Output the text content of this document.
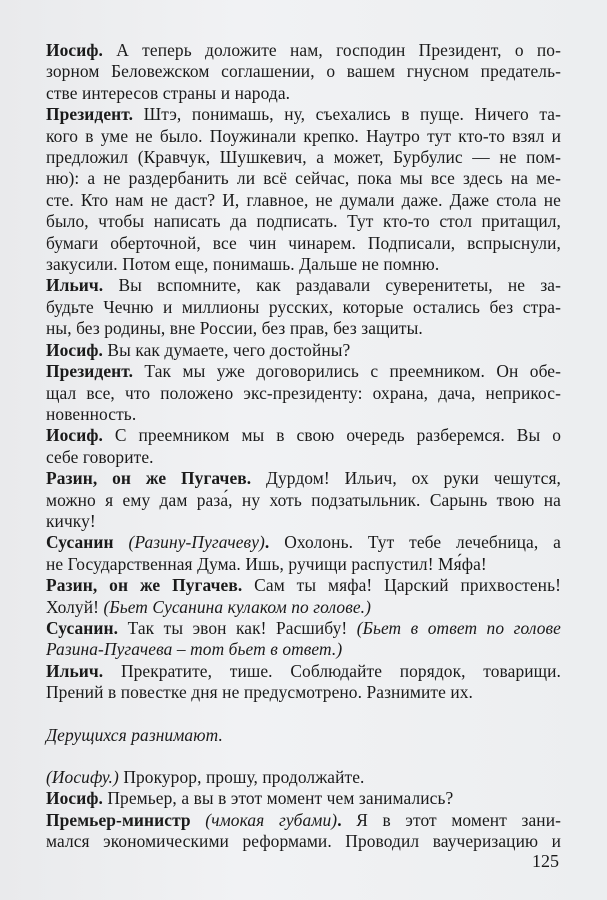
Иосиф. А теперь доложите нам, господин Президент, о по-
зорном Беловежском соглашении, о вашем гнусном предатель-
стве интересов страны и народа.
Президент. Штэ, понимашь, ну, съехались в пуще. Ничего та-
кого в уме не было. Поужинали крепко. Наутро тут кто-то взял и
предложил (Кравчук, Шушкевич, а может, Бурбулис — не пом-
ню): а не раздербанить ли всё сейчас, пока мы все здесь на ме-
сте. Кто нам не даст? И, главное, не думали даже. Даже стола не
было, чтобы написать да подписать. Тут кто-то стол притащил,
бумаги оберточной, все чин чинарем. Подписали, вспрыснули,
закусили. Потом еще, понимашь. Дальше не помню.
Ильич. Вы вспомните, как раздавали суверенитеты, не за-
будьте Чечню и миллионы русских, которые остались без стра-
ны, без родины, вне России, без прав, без защиты.
Иосиф. Вы как думаете, чего достойны?
Президент. Так мы уже договорились с преемником. Он обе-
щал все, что положено экс-президенту: охрана, дача, неприкос-
новенность.
Иосиф. С преемником мы в свою очередь разберемся. Вы о
себе говорите.
Разин, он же Пугачев. Дурдом! Ильич, ох руки чешутся,
можно я ему дам раза́, ну хоть подзатыльник. Сарынь твою на
кичку!
Сусанин (Разину-Пугачеву). Охолонь. Тут тебе лечебница, а
не Государственная Дума. Ишь, ручищи распустил! Мя́фа!
Разин, он же Пугачев. Сам ты мяфа! Царский прихвостень!
Холуй! (Бьет Сусанина кулаком по голове.)
Сусанин. Так ты эвон как! Расшибу! (Бьет в ответ по голове
Разина-Пугачева – тот бьет в ответ.)
Ильич. Прекратите, тише. Соблюдайте порядок, товарищи.
Прений в повестке дня не предусмотрено. Разнимите их.
Дерущихся разнимают.
(Иосифу.) Прокурор, прошу, продолжайте.
Иосиф. Премьер, а вы в этот момент чем занимались?
Премьер-министр (чмокая губами). Я в этот момент зани-
мался экономическими реформами. Проводил ваучеризацию и
125
